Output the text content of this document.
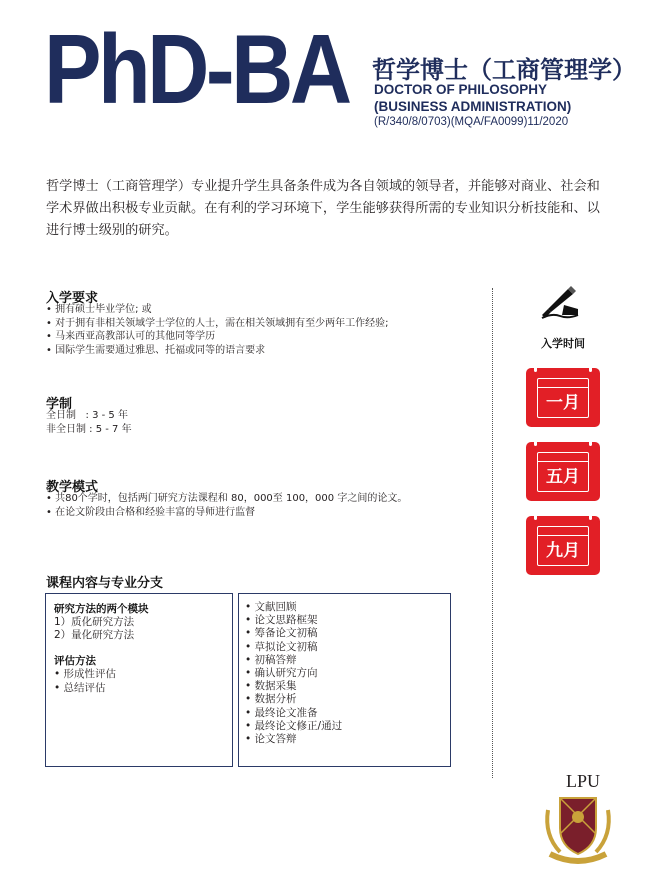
PhD-BA 哲学博士（工商管理学）
DOCTOR OF PHILOSOPHY
(BUSINESS ADMINISTRATION)
(R/340/8/0703)(MQA/FA0099)11/2020
哲学博士（工商管理学）专业提升学生具备条件成为各自领域的领导者，并能够对商业、社会和学术界做出积极专业贡献。在有利的学习环境下，学生能够获得所需的专业知识分析技能和、以进行博士级别的研究。
入学要求
• 拥有硕士毕业学位; 或
• 对于拥有非相关领域学士学位的人士，需在相关领域拥有至少两年工作经验;
• 马来西亚高教部认可的其他同等学历
• 国际学生需要通过雅思、托福或同等的语言要求
学制
全日制   : 3 - 5 年
非全日制 : 5 - 7 年
教学模式
• 共80个学时，包括两门研究方法课程和 80，000至 100，000 字之间的论文。
• 在论文阶段由合格和经验丰富的导师进行监督
课程内容与专业分支
研究方法的两个模块
1）质化研究方法
2）量化研究方法
评估方法
• 形成性评估
• 总结评估
• 文献回顾
• 论文思路框架
• 筹备论文初稿
• 草拟论文初稿
• 初稿答辩
• 确认研究方向
• 数据采集
• 数据分析
• 最终论文准备
• 最终论文修正/通过
• 论文答辩
入学时间
一月
五月
九月
LPU
